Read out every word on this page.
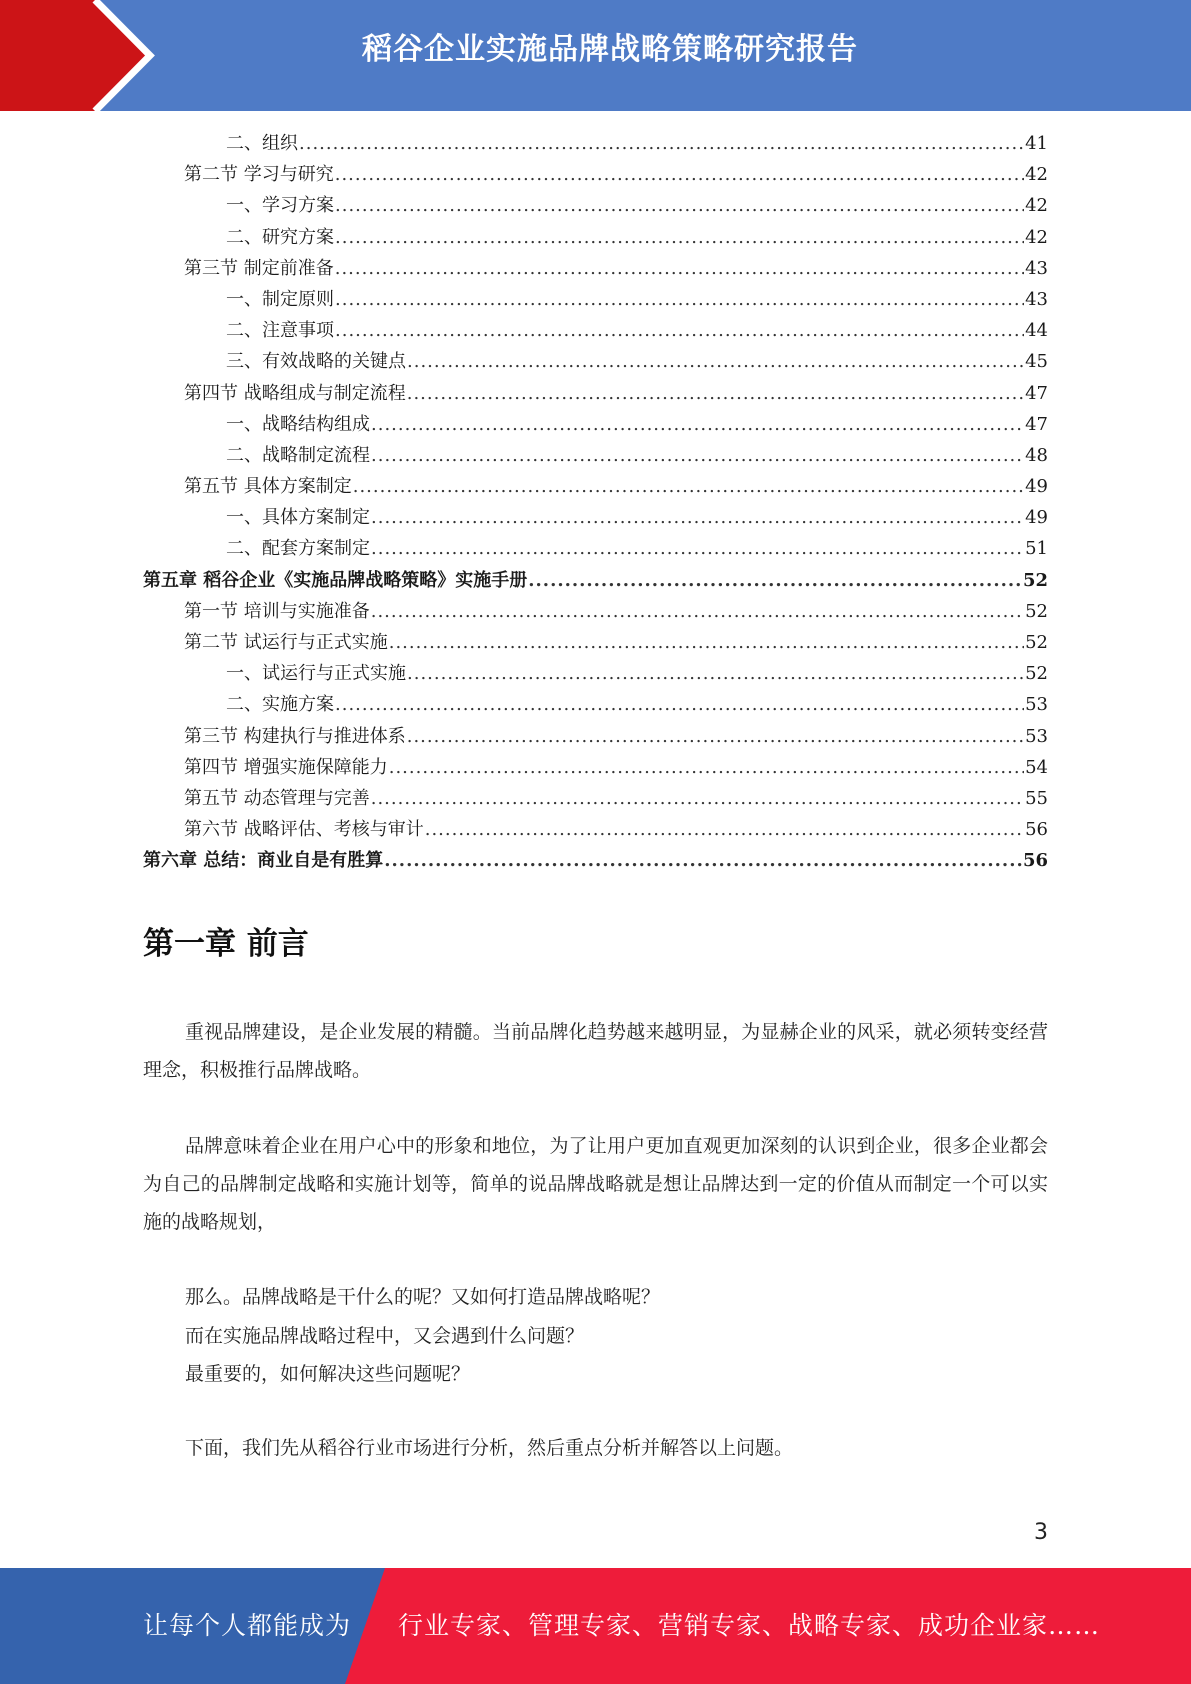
稻谷企业实施品牌战略策略研究报告
二、组织 .....	41
第二节 学习与研究 .....	42
一、学习方案 .....	42
二、研究方案 .....	42
第三节 制定前准备 .....	43
一、制定原则 .....	43
二、注意事项 .....	44
三、有效战略的关键点 .....	45
第四节 战略组成与制定流程 .....	47
一、战略结构组成 .....	47
二、战略制定流程 .....	48
第五节 具体方案制定 .....	49
一、具体方案制定 .....	49
二、配套方案制定 .....	51
第五章 稻谷企业《实施品牌战略策略》实施手册 .....	52
第一节 培训与实施准备 .....	52
第二节 试运行与正式实施 .....	52
一、试运行与正式实施 .....	52
二、实施方案 .....	53
第三节 构建执行与推进体系 .....	53
第四节 增强实施保障能力 .....	54
第五节 动态管理与完善 .....	55
第六节 战略评估、考核与审计 .....	56
第六章 总结：商业自是有胜算 .....	56
第一章 前言
重视品牌建设，是企业发展的精髓。当前品牌化趋势越来越明显，为显赫企业的风采，就必须转变经营理念，积极推行品牌战略。
品牌意味着企业在用户心中的形象和地位，为了让用户更加直观更加深刻的认识到企业，很多企业都会为自己的品牌制定战略和实施计划等，简单的说品牌战略就是想让品牌达到一定的价值从而制定一个可以实施的战略规划，
那么。品牌战略是干什么的呢？又如何打造品牌战略呢？
而在实施品牌战略过程中，又会遇到什么问题？
最重要的，如何解决这些问题呢？
下面，我们先从稻谷行业市场进行分析，然后重点分析并解答以上问题。
3
让每个人都能成为 行业专家、管理专家、营销专家、战略专家、成功企业家……
